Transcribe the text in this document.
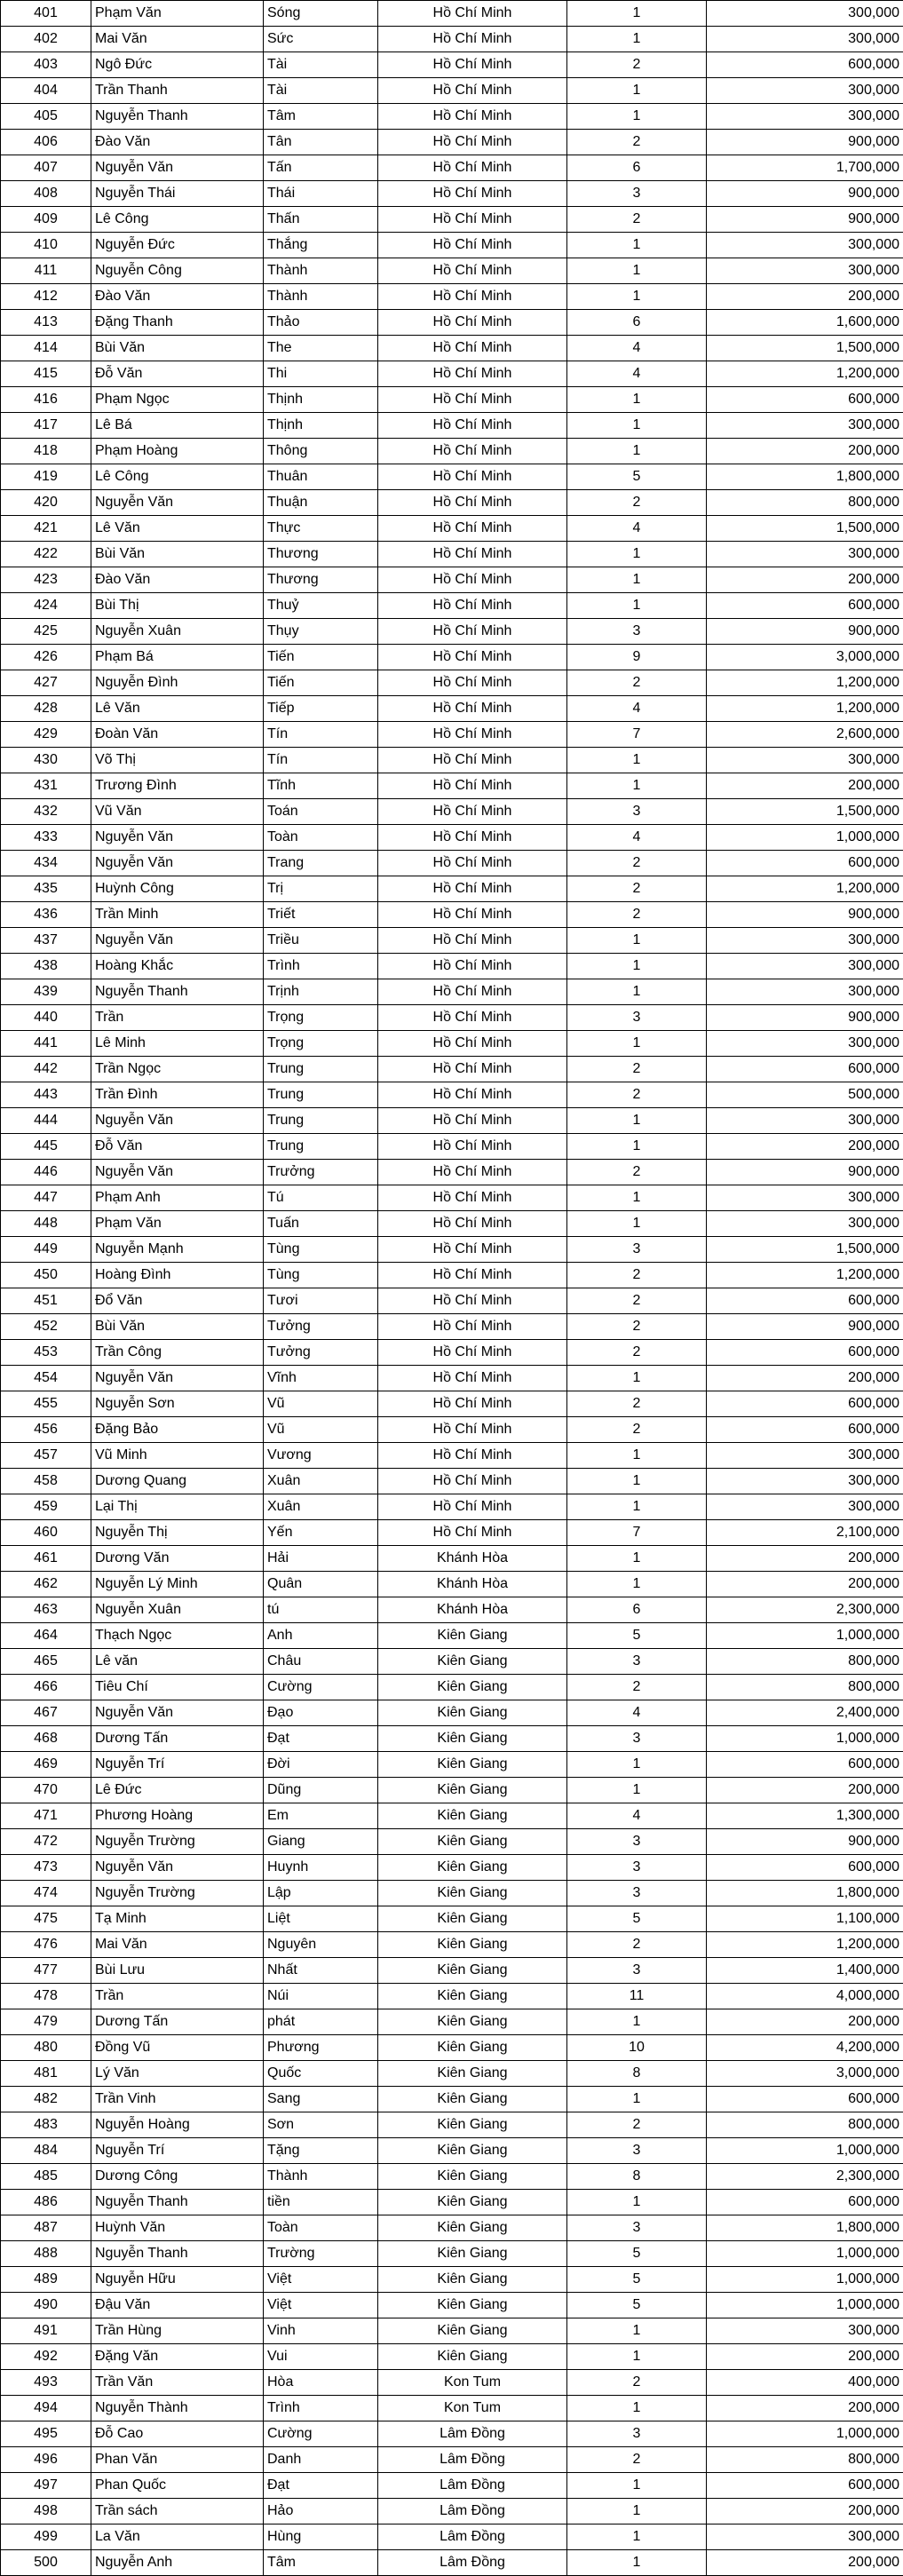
401	Phạm Văn	Sóng	Hồ Chí Minh	1	300,000
402	Mai Văn	Sức	Hồ Chí Minh	1	300,000
403	Ngô Đức	Tài	Hồ Chí Minh	2	600,000
404	Trần Thanh	Tài	Hồ Chí Minh	1	300,000
405	Nguyễn Thanh	Tâm	Hồ Chí Minh	1	300,000
406	Đào Văn	Tân	Hồ Chí Minh	2	900,000
407	Nguyễn Văn	Tấn	Hồ Chí Minh	6	1,700,000
408	Nguyễn Thái	Thái	Hồ Chí Minh	3	900,000
409	Lê Công	Thấn	Hồ Chí Minh	2	900,000
410	Nguyễn Đức	Thắng	Hồ Chí Minh	1	300,000
411	Nguyễn Công	Thành	Hồ Chí Minh	1	300,000
412	Đào Văn	Thành	Hồ Chí Minh	1	200,000
413	Đặng Thanh	Thảo	Hồ Chí Minh	6	1,600,000
414	Bùi Văn	The	Hồ Chí Minh	4	1,500,000
415	Đỗ Văn	Thi	Hồ Chí Minh	4	1,200,000
416	Phạm Ngọc	Thịnh	Hồ Chí Minh	1	600,000
417	Lê Bá	Thịnh	Hồ Chí Minh	1	300,000
418	Phạm Hoàng	Thông	Hồ Chí Minh	1	200,000
419	Lê Công	Thuân	Hồ Chí Minh	5	1,800,000
420	Nguyễn Văn	Thuận	Hồ Chí Minh	2	800,000
421	Lê Văn	Thực	Hồ Chí Minh	4	1,500,000
422	Bùi Văn	Thương	Hồ Chí Minh	1	300,000
423	Đào Văn	Thương	Hồ Chí Minh	1	200,000
424	Bùi Thị	Thuỷ	Hồ Chí Minh	1	600,000
425	Nguyễn Xuân	Thụy	Hồ Chí Minh	3	900,000
426	Phạm Bá	Tiến	Hồ Chí Minh	9	3,000,000
427	Nguyễn Đình	Tiến	Hồ Chí Minh	2	1,200,000
428	Lê Văn	Tiếp	Hồ Chí Minh	4	1,200,000
429	Đoàn Văn	Tín	Hồ Chí Minh	7	2,600,000
430	Võ Thị	Tín	Hồ Chí Minh	1	300,000
431	Trương Đình	Tĩnh	Hồ Chí Minh	1	200,000
432	Vũ Văn	Toán	Hồ Chí Minh	3	1,500,000
433	Nguyễn Văn	Toàn	Hồ Chí Minh	4	1,000,000
434	Nguyễn Văn	Trang	Hồ Chí Minh	2	600,000
435	Huỳnh Công	Trị	Hồ Chí Minh	2	1,200,000
436	Trần Minh	Triết	Hồ Chí Minh	2	900,000
437	Nguyễn Văn	Triều	Hồ Chí Minh	1	300,000
438	Hoàng Khắc	Trình	Hồ Chí Minh	1	300,000
439	Nguyễn Thanh	Trịnh	Hồ Chí Minh	1	300,000
440	Trần	Trọng	Hồ Chí Minh	3	900,000
441	Lê Minh	Trọng	Hồ Chí Minh	1	300,000
442	Trần Ngọc	Trung	Hồ Chí Minh	2	600,000
443	Trần Đình	Trung	Hồ Chí Minh	2	500,000
444	Nguyễn Văn	Trung	Hồ Chí Minh	1	300,000
445	Đỗ Văn	Trung	Hồ Chí Minh	1	200,000
446	Nguyễn Văn	Trưởng	Hồ Chí Minh	2	900,000
447	Phạm Anh	Tú	Hồ Chí Minh	1	300,000
448	Phạm Văn	Tuấn	Hồ Chí Minh	1	300,000
449	Nguyễn Mạnh	Tùng	Hồ Chí Minh	3	1,500,000
450	Hoàng Đình	Tùng	Hồ Chí Minh	2	1,200,000
451	Đổ Văn	Tươi	Hồ Chí Minh	2	600,000
452	Bùi Văn	Tưởng	Hồ Chí Minh	2	900,000
453	Trần Công	Tưởng	Hồ Chí Minh	2	600,000
454	Nguyễn Văn	Vĩnh	Hồ Chí Minh	1	200,000
455	Nguyễn Sơn	Vũ	Hồ Chí Minh	2	600,000
456	Đặng Bảo	Vũ	Hồ Chí Minh	2	600,000
457	Vũ Minh	Vương	Hồ Chí Minh	1	300,000
458	Dương Quang	Xuân	Hồ Chí Minh	1	300,000
459	Lại Thị	Xuân	Hồ Chí Minh	1	300,000
460	Nguyễn Thị	Yến	Hồ Chí Minh	7	2,100,000
461	Dương Văn	Hải	Khánh Hòa	1	200,000
462	Nguyễn Lý Minh	Quân	Khánh Hòa	1	200,000
463	Nguyễn Xuân	tú	Khánh Hòa	6	2,300,000
464	Thạch Ngọc	Anh	Kiên Giang	5	1,000,000
465	Lê văn	Châu	Kiên Giang	3	800,000
466	Tiêu Chí	Cường	Kiên Giang	2	800,000
467	Nguyễn Văn	Đạo	Kiên Giang	4	2,400,000
468	Dương Tấn	Đạt	Kiên Giang	3	1,000,000
469	Nguyễn Trí	Đời	Kiên Giang	1	600,000
470	Lê Đức	Dũng	Kiên Giang	1	200,000
471	Phương Hoàng	Em	Kiên Giang	4	1,300,000
472	Nguyễn Trường	Giang	Kiên Giang	3	900,000
473	Nguyễn Văn	Huynh	Kiên Giang	3	600,000
474	Nguyễn Trường	Lập	Kiên Giang	3	1,800,000
475	Tạ Minh	Liệt	Kiên Giang	5	1,100,000
476	Mai Văn	Nguyên	Kiên Giang	2	1,200,000
477	Bùi Lưu	Nhất	Kiên Giang	3	1,400,000
478	Trần	Núi	Kiên Giang	11	4,000,000
479	Dương Tấn	phát	Kiên Giang	1	200,000
480	Đồng Vũ	Phương	Kiên Giang	10	4,200,000
481	Lý Văn	Quốc	Kiên Giang	8	3,000,000
482	Trần Vinh	Sang	Kiên Giang	1	600,000
483	Nguyễn Hoàng	Sơn	Kiên Giang	2	800,000
484	Nguyễn Trí	Tặng	Kiên Giang	3	1,000,000
485	Dương Công	Thành	Kiên Giang	8	2,300,000
486	Nguyễn Thanh	tiền	Kiên Giang	1	600,000
487	Huỳnh Văn	Toàn	Kiên Giang	3	1,800,000
488	Nguyễn Thanh	Trường	Kiên Giang	5	1,000,000
489	Nguyễn Hữu	Việt	Kiên Giang	5	1,000,000
490	Đậu Văn	Việt	Kiên Giang	5	1,000,000
491	Trần Hùng	Vinh	Kiên Giang	1	300,000
492	Đặng Văn	Vui	Kiên Giang	1	200,000
493	Trần Văn	Hòa	Kon Tum	2	400,000
494	Nguyễn Thành	Trình	Kon Tum	1	200,000
495	Đỗ Cao	Cường	Lâm Đồng	3	1,000,000
496	Phan Văn	Danh	Lâm Đồng	2	800,000
497	Phan Quốc	Đạt	Lâm Đồng	1	600,000
498	Trần sách	Hảo	Lâm Đồng	1	200,000
499	La Văn	Hùng	Lâm Đồng	1	300,000
500	Nguyễn Anh	Tâm	Lâm Đồng	1	200,000
